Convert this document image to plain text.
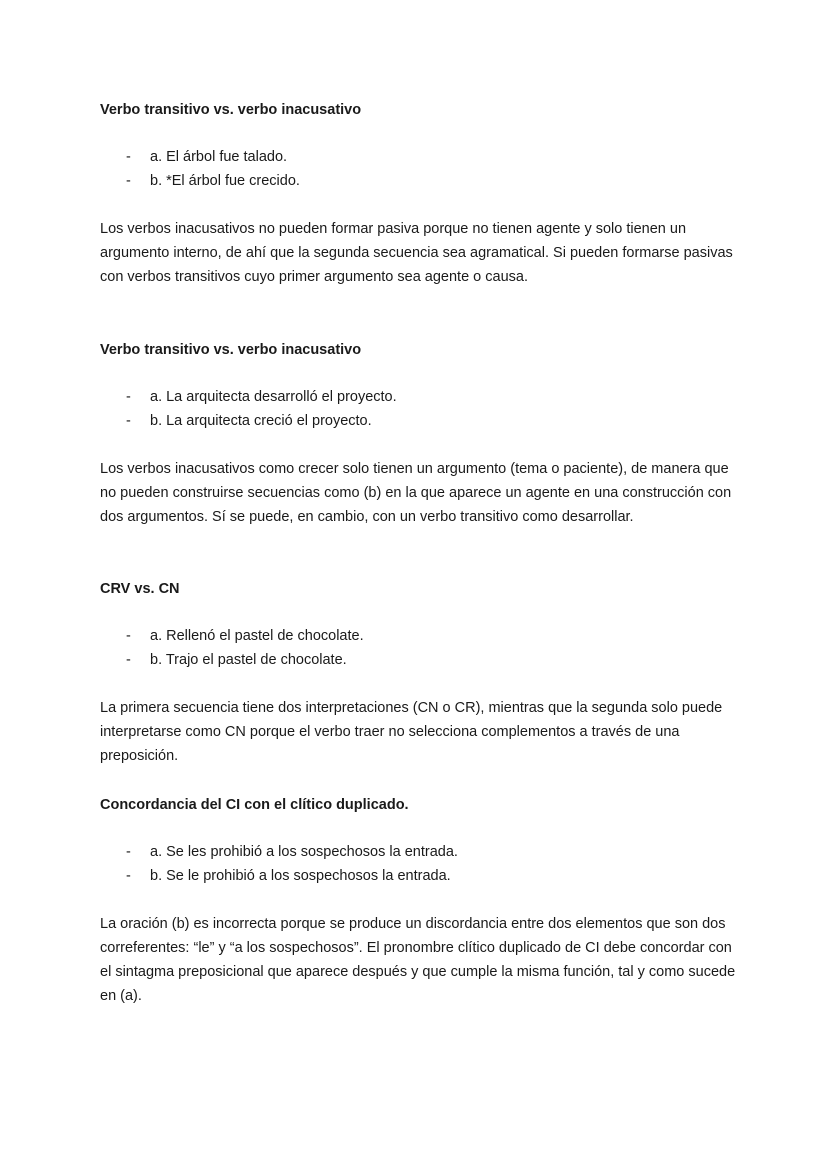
Verbo transitivo vs. verbo inacusativo

- a. El árbol fue talado.
- b. *El árbol fue crecido.

Los verbos inacusativos no pueden formar pasiva porque no tienen agente y solo tienen un argumento interno, de ahí que la segunda secuencia sea agramatical. Si pueden formarse pasivas con verbos transitivos cuyo primer argumento sea agente o causa.

Verbo transitivo vs. verbo inacusativo

- a. La arquitecta desarrolló el proyecto.
- b. La arquitecta creció el proyecto.

Los verbos inacusativos como crecer solo tienen un argumento (tema o paciente), de manera que no pueden construirse secuencias como (b) en la que aparece un agente en una construcción con dos argumentos. Sí se puede, en cambio, con un verbo transitivo como desarrollar.

CRV vs. CN

- a. Rellenó el pastel de chocolate.
- b. Trajo el pastel de chocolate.

La primera secuencia tiene dos interpretaciones (CN o CR), mientras que la segunda solo puede interpretarse como CN porque el verbo traer no selecciona complementos a través de una preposición.

Concordancia del CI con el clítico duplicado.

- a. Se les prohibió a los sospechosos la entrada.
- b. Se le prohibió a los sospechosos la entrada.

La oración (b) es incorrecta porque se produce un discordancia entre dos elementos que son dos correferentes: “le” y “a los sospechosos”. El pronombre clítico duplicado de CI debe concordar con el sintagma preposicional que aparece después y que cumple la misma función, tal y como sucede en (a).
